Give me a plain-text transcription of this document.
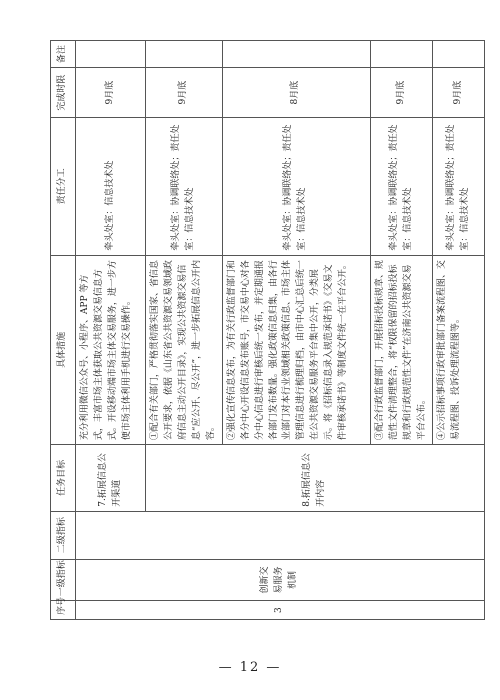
序号	一级指标	二级指标	任务目标	具体措施	责任分工	完成时限	备注
3	创新交易服务机制		7.拓展信息公开渠道	充分利用微信公众号、小程序、APP 等方式，丰富市场主体获取公共资源交易信息方式。开设移动端市场主体交易服务，进一步方便市场主体利用手机进行交易操作。	牵头处室：信息技术处	9月底	
			8.拓展信息公开内容	①配合有关部门，严格贯彻落实国家、省信息公开要求，依据《山东省公共资源交易领域政府信息主动公开目录》，实现公共资源交易信息“应公开、尽公开”，进一步拓展信息公开内容。	牵头处室：协调联络处；责任处室：信息技术处	9月底	
				②强化宣传信息发布，为有关行政监督部门和各分中心开设信息发布账号，市交易中心对各分中心信息进行审核后统一发布，并定期通报各部门发布数量。强化政策信息归集，由各行业部门对本行业领域相关政策信息、市场主体管理信息进行梳理归档，由市中心汇总后统一在公共资源交易服务平台集中公开，分类展示。将《招标信息录入规范承诺书》《交易文件审核承诺书》等制度文件统一在平台公开。	牵头处室：协调联络处；责任处室：信息技术处	8月底	
				③配合行政监督部门，开展招标投标规章、规范性文件清理整合，将“权限保留的招标投标规章和行政规范性文件”在济南公共资源交易平台公布。	牵头处室：协调联络处；责任处室：信息技术处	9月底	
				④公示招标事项行政审批部门备案流程图、交易流程图、投诉处理流程图等。	牵头处室：协调联络处；责任处室：信息技术处	9月底	
— 12 —
